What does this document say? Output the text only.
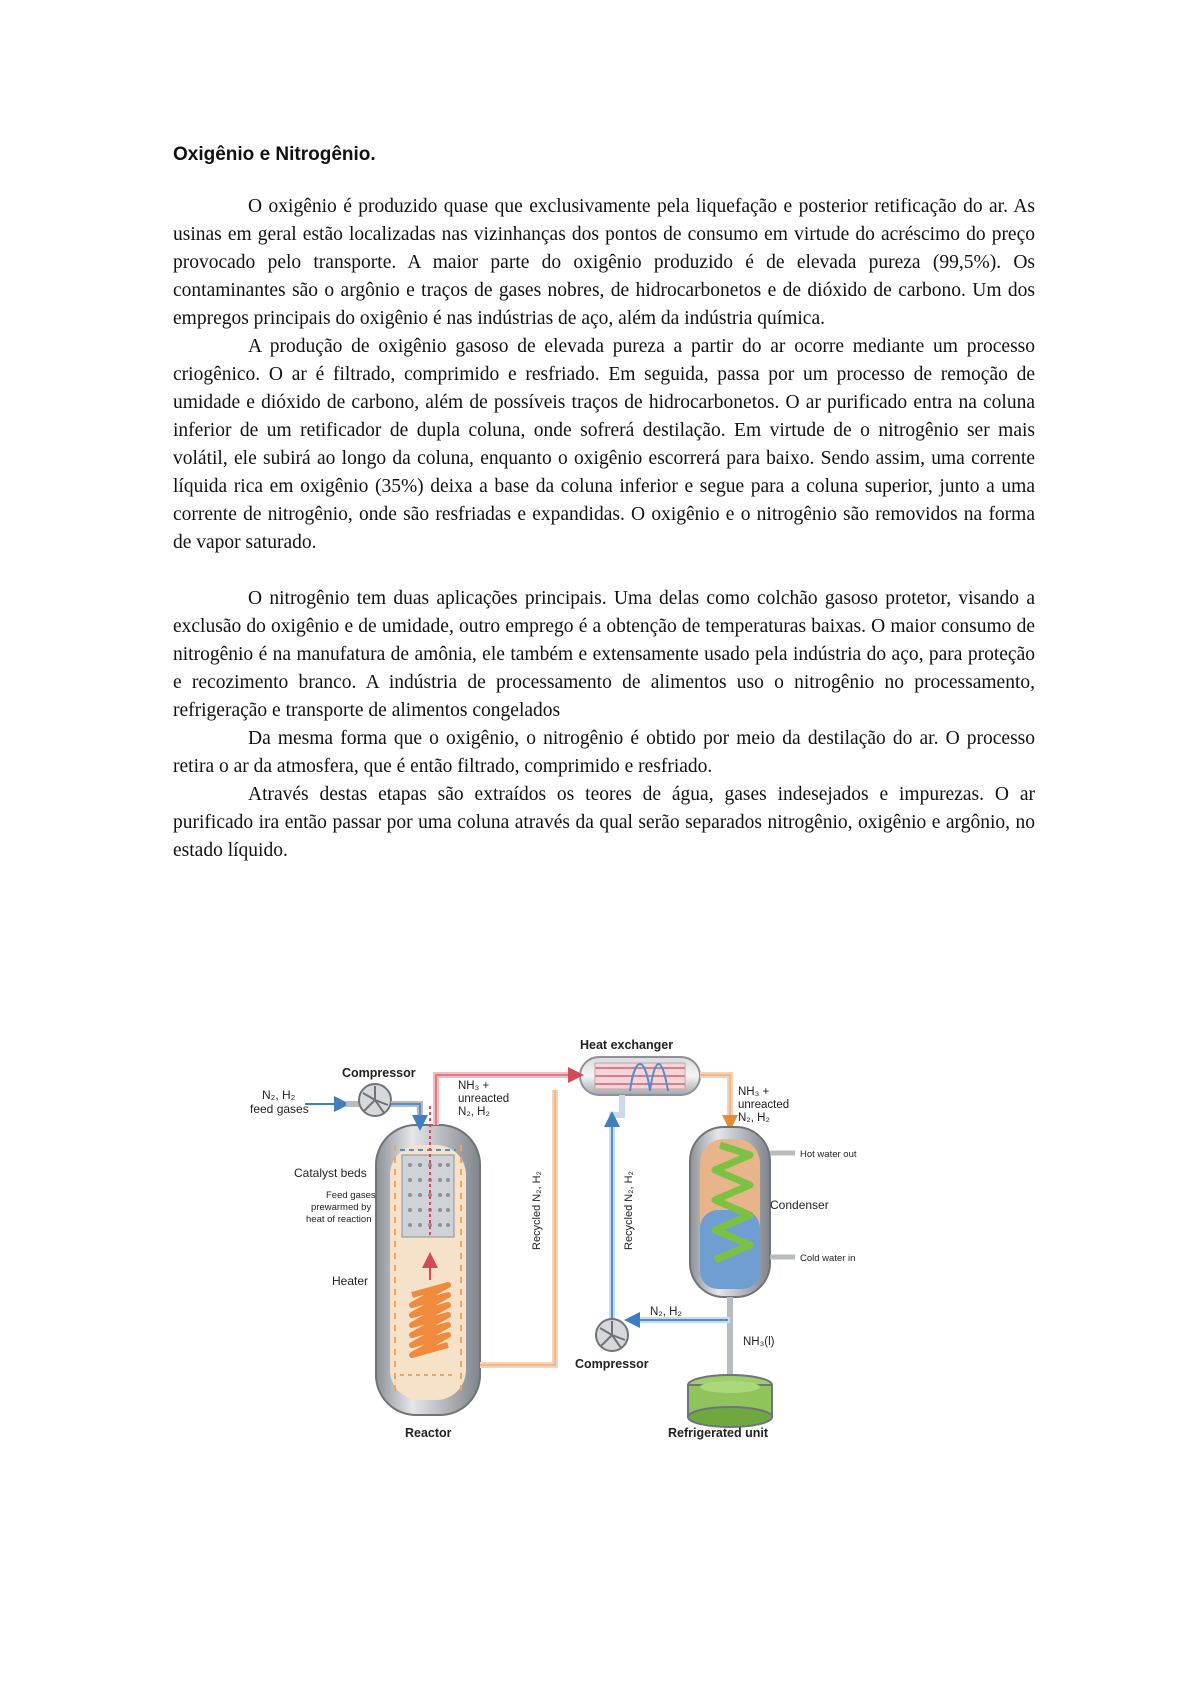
Oxigênio e Nitrogênio.

O oxigênio é produzido quase que exclusivamente pela liquefação e posterior retificação do ar. As usinas em geral estão localizadas nas vizinhanças dos pontos de consumo em virtude do acréscimo do preço provocado pelo transporte. A maior parte do oxigênio produzido é de elevada pureza (99,5%). Os contaminantes são o argônio e traços de gases nobres, de hidrocarbonetos e de dióxido de carbono. Um dos empregos principais do oxigênio é nas indústrias de aço, além da indústria química.

A produção de oxigênio gasoso de elevada pureza a partir do ar ocorre mediante um processo criogênico. O ar é filtrado, comprimido e resfriado. Em seguida, passa por um processo de remoção de umidade e dióxido de carbono, além de possíveis traços de hidrocarbonetos. O ar purificado entra na coluna inferior de um retificador de dupla coluna, onde sofrerá destilação. Em virtude de o nitrogênio ser mais volátil, ele subirá ao longo da coluna, enquanto o oxigênio escorrerá para baixo. Sendo assim, uma corrente líquida rica em oxigênio (35%) deixa a base da coluna inferior e segue para a coluna superior, junto a uma corrente de nitrogênio, onde são resfriadas e expandidas. O oxigênio e o nitrogênio são removidos na forma de vapor saturado.

O nitrogênio tem duas aplicações principais. Uma delas como colchão gasoso protetor, visando a exclusão do oxigênio e de umidade, outro emprego é a obtenção de temperaturas baixas. O maior consumo de nitrogênio é na manufatura de amônia, ele também e extensamente usado pela indústria do aço, para proteção e recozimento branco. A indústria de processamento de alimentos uso o nitrogênio no processamento, refrigeração e transporte de alimentos congelados

Da mesma forma que o oxigênio, o nitrogênio é obtido por meio da destilação do ar. O processo retira o ar da atmosfera, que é então filtrado, comprimido e resfriado.

Através destas etapas são extraídos os teores de água, gases indesejados e impurezas. O ar purificado ira então passar por uma coluna através da qual serão separados nitrogênio, oxigênio e argônio, no estado líquido.

Heat exchanger
Compressor
N₂, H₂
feed gases
NH₃ +
unreacted
N₂, H₂
NH₃ +
unreacted
N₂, H₂
Catalyst beds
Feed gases
prewarmed by
heat of reaction
Heater
Recycled N₂, H₂	Recycled N₂, H₂
Hot water out
Condenser
Cold water in
N₂, H₂
NH₃(l)
Compressor
Reactor	Refrigerated unit
